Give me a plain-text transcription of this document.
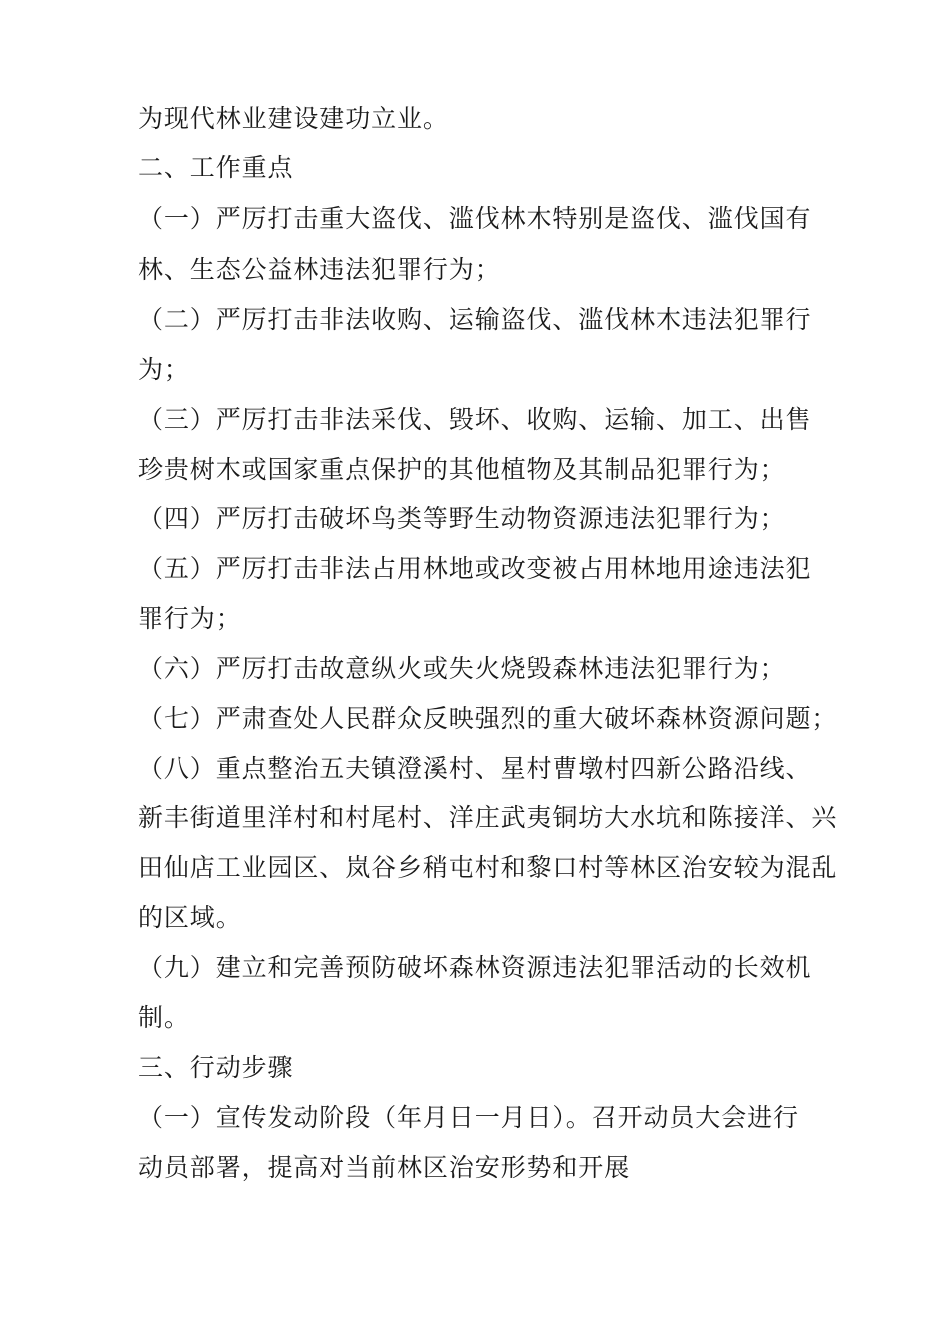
为现代林业建设建功立业。
二、工作重点
（一）严厉打击重大盗伐、滥伐林木特别是盗伐、滥伐国有
林、生态公益林违法犯罪行为；
（二）严厉打击非法收购、运输盗伐、滥伐林木违法犯罪行
为；
（三）严厉打击非法采伐、毁坏、收购、运输、加工、出售
珍贵树木或国家重点保护的其他植物及其制品犯罪行为；
（四）严厉打击破坏鸟类等野生动物资源违法犯罪行为；
（五）严厉打击非法占用林地或改变被占用林地用途违法犯
罪行为；
（六）严厉打击故意纵火或失火烧毁森林违法犯罪行为；
（七）严肃查处人民群众反映强烈的重大破坏森林资源问题；
（八）重点整治五夫镇澄溪村、星村曹墩村四新公路沿线、
新丰街道里洋村和村尾村、洋庄武夷铜坊大水坑和陈接洋、兴
田仙店工业园区、岚谷乡稍屯村和黎口村等林区治安较为混乱
的区域。
（九）建立和完善预防破坏森林资源违法犯罪活动的长效机
制。
三、行动步骤
（一）宣传发动阶段（年月日一月日）。召开动员大会进行
动员部署，提高对当前林区治安形势和开展
